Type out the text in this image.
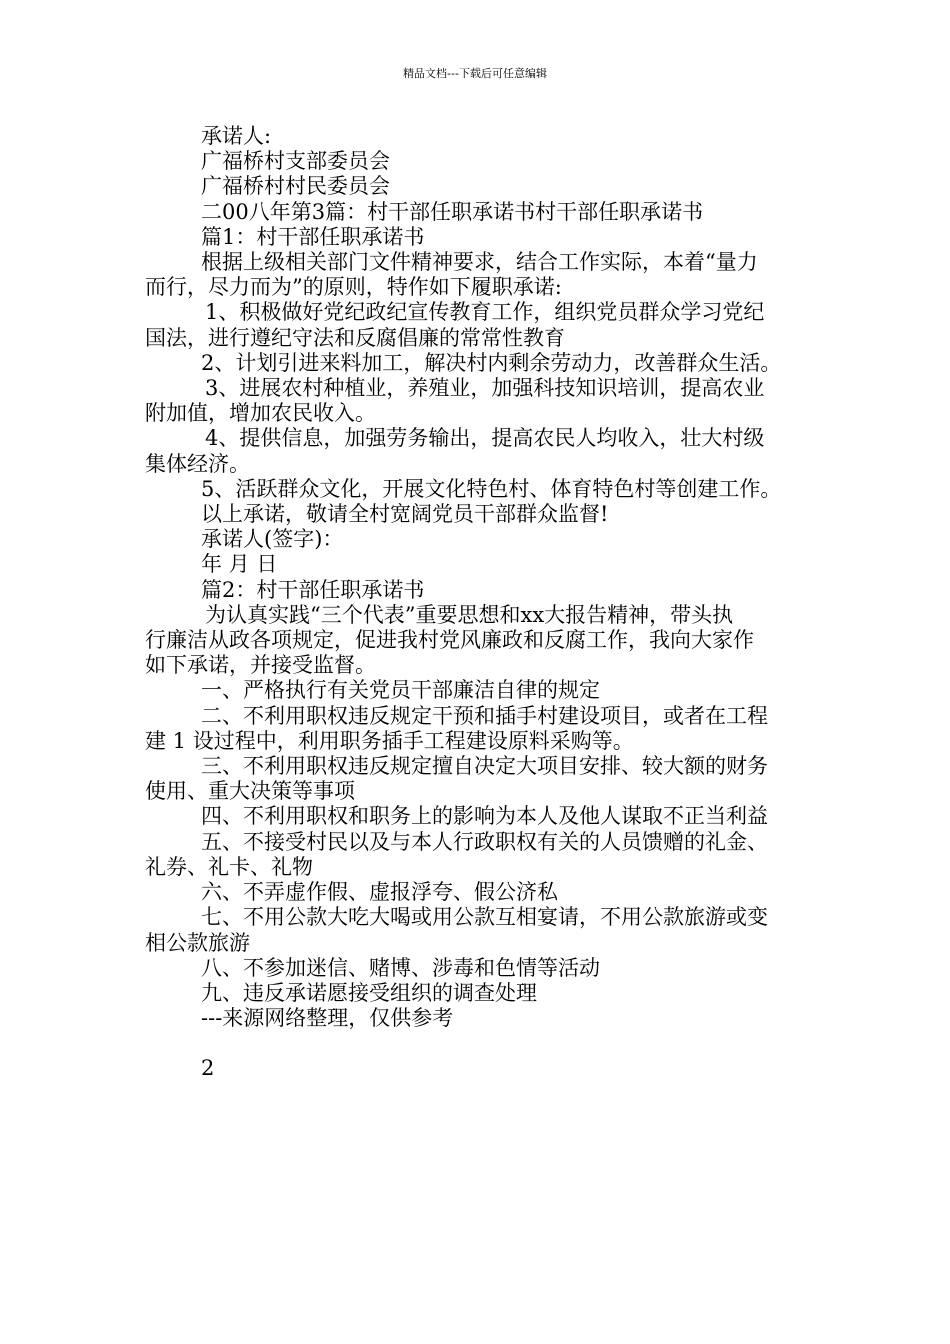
精品文档---下载后可任意编辑
承诺人:
广福桥村支部委员会
广福桥村村民委员会
二00八年第3篇：村干部任职承诺书村干部任职承诺书
篇1：村干部任职承诺书
根据上级相关部门文件精神要求，结合工作实际，本着“量力
而行，尽力而为”的原则，特作如下履职承诺:
1、积极做好党纪政纪宣传教育工作，组织党员群众学习党纪
国法，进行遵纪守法和反腐倡廉的常常性教育
2、计划引进来料加工，解决村内剩余劳动力，改善群众生活。
3、进展农村种植业，养殖业，加强科技知识培训，提高农业
附加值，增加农民收入。
4、提供信息，加强劳务输出，提高农民人均收入，壮大村级
集体经济。
5、活跃群众文化，开展文化特色村、体育特色村等创建工作。
以上承诺，敬请全村宽阔党员干部群众监督!
承诺人(签字)：
年 月 日
篇2：村干部任职承诺书
为认真实践“三个代表”重要思想和xx大报告精神，带头执
行廉洁从政各项规定，促进我村党风廉政和反腐工作，我向大家作
如下承诺，并接受监督。
一、严格执行有关党员干部廉洁自律的规定
二、不利用职权违反规定干预和插手村建设项目，或者在工程
建 1 设过程中，利用职务插手工程建设原料采购等。
三、不利用职权违反规定擅自决定大项目安排、较大额的财务
使用、重大决策等事项
四、不利用职权和职务上的影响为本人及他人谋取不正当利益
五、不接受村民以及与本人行政职权有关的人员馈赠的礼金、
礼券、礼卡、礼物
六、不弄虚作假、虚报浮夸、假公济私
七、不用公款大吃大喝或用公款互相宴请，不用公款旅游或变
相公款旅游
八、不参加迷信、赌博、涉毒和色情等活动
九、违反承诺愿接受组织的调查处理
---来源网络整理，仅供参考
2
